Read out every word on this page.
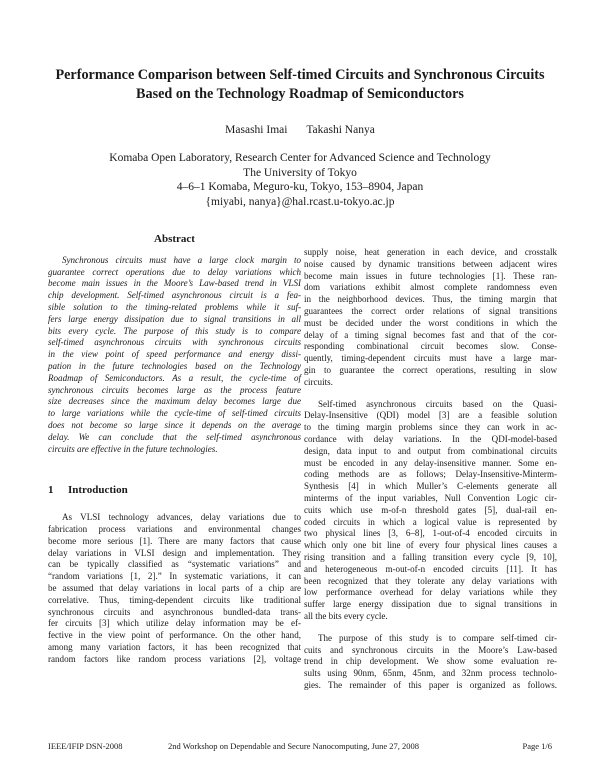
Performance Comparison between Self-timed Circuits and Synchronous Circuits
Based on the Technology Roadmap of Semiconductors
Masashi Imai Takashi Nanya
Komaba Open Laboratory, Research Center for Advanced Science and Technology
The University of Tokyo
4–6–1 Komaba, Meguro-ku, Tokyo, 153–8904, Japan
{miyabi, nanya}@hal.rcast.u-tokyo.ac.jp
Abstract
Synchronous circuits must have a large clock margin to
guarantee correct operations due to delay variations which
become main issues in the Moore’s Law-based trend in VLSI
chip development. Self-timed asynchronous circuit is a fea-
sible solution to the timing-related problems while it suf-
fers large energy dissipation due to signal transitions in all
bits every cycle. The purpose of this study is to compare
self-timed asynchronous circuits with synchronous circuits
in the view point of speed performance and energy dissi-
pation in the future technologies based on the Technology
Roadmap of Semiconductors. As a result, the cycle-time of
synchronous circuits becomes large as the process feature
size decreases since the maximum delay becomes large due
to large variations while the cycle-time of self-timed circuits
does not become so large since it depends on the average
delay. We can conclude that the self-timed asynchronous
circuits are effective in the future technologies.
1 Introduction
As VLSI technology advances, delay variations due to
fabrication process variations and environmental changes
become more serious [1]. There are many factors that cause
delay variations in VLSI design and implementation. They
can be typically classified as “systematic variations” and
“random variations [1, 2].” In systematic variations, it can
be assumed that delay variations in local parts of a chip are
correlative. Thus, timing-dependent circuits like traditional
synchronous circuits and asynchronous bundled-data trans-
fer circuits [3] which utilize delay information may be ef-
fective in the view point of performance. On the other hand,
among many variation factors, it has been recognized that
random factors like random process variations [2], voltage
supply noise, heat generation in each device, and crosstalk
noise caused by dynamic transitions between adjacent wires
become main issues in future technologies [1]. These ran-
dom variations exhibit almost complete randomness even
in the neighborhood devices. Thus, the timing margin that
guarantees the correct order relations of signal transitions
must be decided under the worst conditions in which the
delay of a timing signal becomes fast and that of the cor-
responding combinational circuit becomes slow. Conse-
quently, timing-dependent circuits must have a large mar-
gin to guarantee the correct operations, resulting in slow
circuits.
Self-timed asynchronous circuits based on the Quasi-
Delay-Insensitive (QDI) model [3] are a feasible solution
to the timing margin problems since they can work in ac-
cordance with delay variations. In the QDI-model-based
design, data input to and output from combinational circuits
must be encoded in any delay-insensitive manner. Some en-
coding methods are as follows; Delay-Insensitive-Minterm-
Synthesis [4] in which Muller’s C-elements generate all
minterms of the input variables, Null Convention Logic cir-
cuits which use m-of-n threshold gates [5], dual-rail en-
coded circuits in which a logical value is represented by
two physical lines [3, 6–8], 1-out-of-4 encoded circuits in
which only one bit line of every four physical lines causes a
rising transition and a falling transition every cycle [9, 10],
and heterogeneous m-out-of-n encoded circuits [11]. It has
been recognized that they tolerate any delay variations with
low performance overhead for delay variations while they
suffer large energy dissipation due to signal transitions in
all the bits every cycle.
The purpose of this study is to compare self-timed cir-
cuits and synchronous circuits in the Moore’s Law-based
trend in chip development. We show some evaluation re-
sults using 90nm, 65nm, 45nm, and 32nm process technolo-
gies. The remainder of this paper is organized as follows.
IEEE/IFIP DSN-2008	2nd Workshop on Dependable and Secure Nanocomputing, June 27, 2008	Page 1/6
